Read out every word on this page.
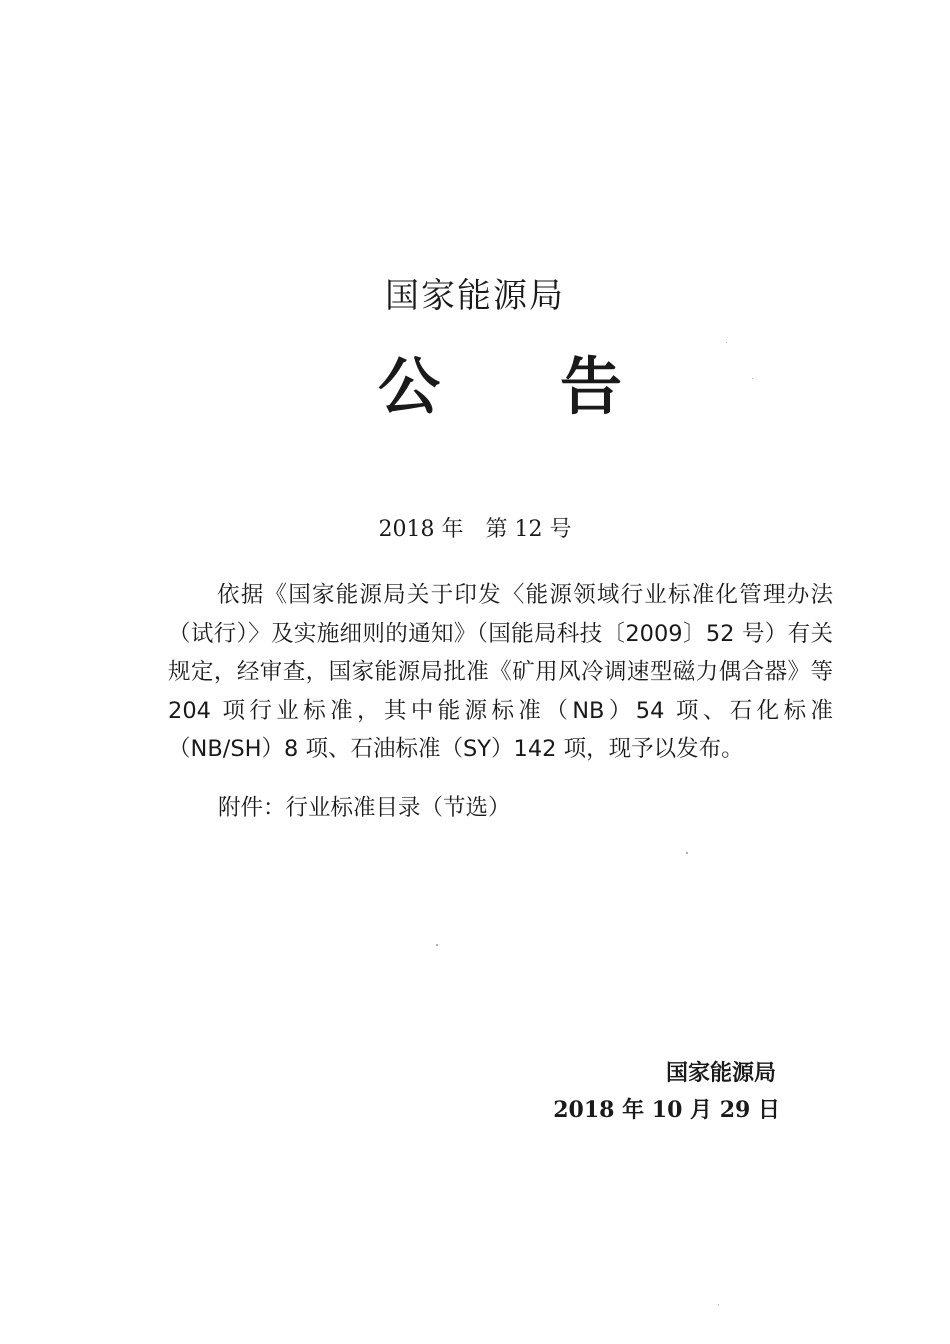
国家能源局
公 告
2018 年　第 12 号

依据《国家能源局关于印发〈能源领域行业标准化管理办法（试行）〉及实施细则的通知》（国能局科技〔2009〕52 号）有关规定，经审查，国家能源局批准《矿用风冷调速型磁力偶合器》等 204 项行业标准，其中能源标准（NB）54 项、石化标准（NB/SH）8 项、石油标准（SY）142 项，现予以发布。

附件：行业标准目录（节选）
国家能源局
2018 年 10 月 29 日
